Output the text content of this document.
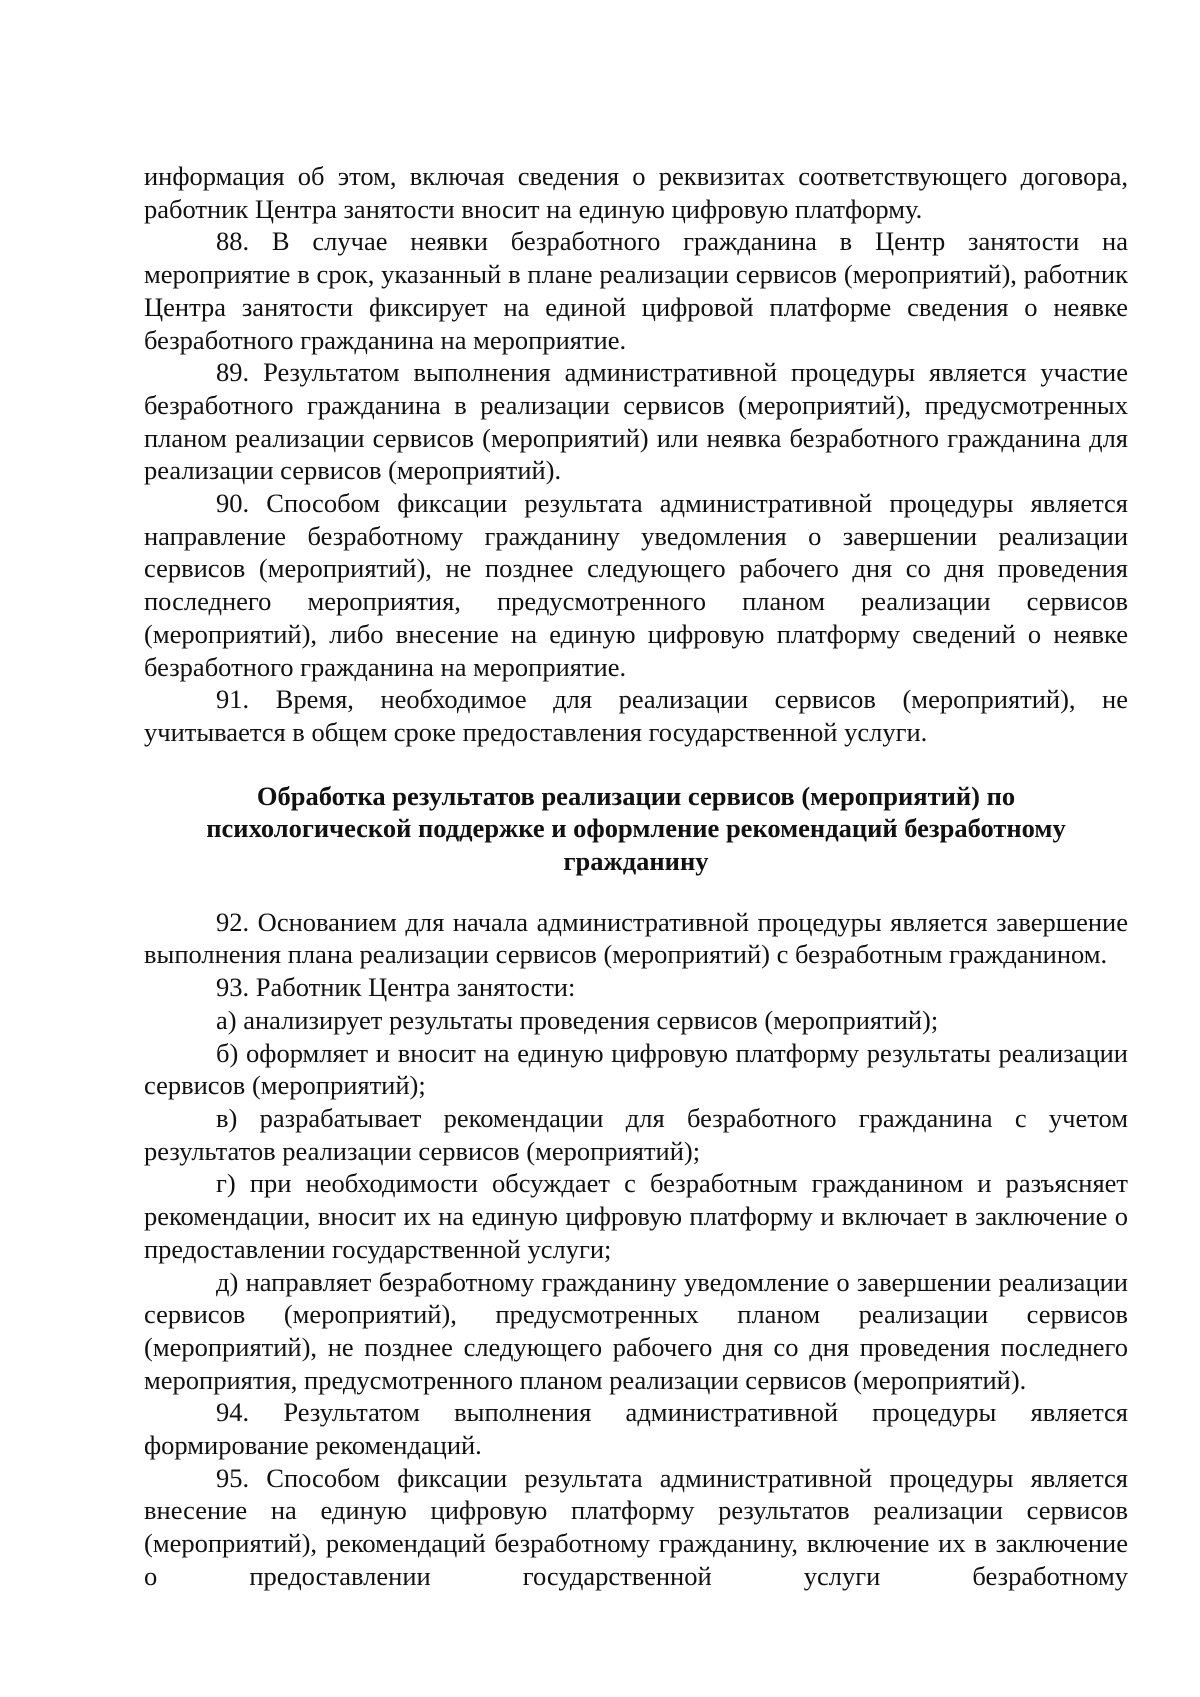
информация об этом, включая сведения о реквизитах соответствующего договора, работник Центра занятости вносит на единую цифровую платформу.

88. В случае неявки безработного гражданина в Центр занятости на мероприятие в срок, указанный в плане реализации сервисов (мероприятий), работник Центра занятости фиксирует на единой цифровой платформе сведения о неявке безработного гражданина на мероприятие.

89. Результатом выполнения административной процедуры является участие безработного гражданина в реализации сервисов (мероприятий), предусмотренных планом реализации сервисов (мероприятий) или неявка безработного гражданина для реализации сервисов (мероприятий).

90. Способом фиксации результата административной процедуры является направление безработному гражданину уведомления о завершении реализации сервисов (мероприятий), не позднее следующего рабочего дня со дня проведения последнего мероприятия, предусмотренного планом реализации сервисов (мероприятий), либо внесение на единую цифровую платформу сведений о неявке безработного гражданина на мероприятие.

91. Время, необходимое для реализации сервисов (мероприятий), не учитывается в общем сроке предоставления государственной услуги.

Обработка результатов реализации сервисов (мероприятий) по
психологической поддержке и оформление рекомендаций безработному
гражданину

92. Основанием для начала административной процедуры является завершение выполнения плана реализации сервисов (мероприятий) с безработным гражданином.

93. Работник Центра занятости:

а) анализирует результаты проведения сервисов (мероприятий);

б) оформляет и вносит на единую цифровую платформу результаты реализации сервисов (мероприятий);

в) разрабатывает рекомендации для безработного гражданина с учетом результатов реализации сервисов (мероприятий);

г) при необходимости обсуждает с безработным гражданином и разъясняет рекомендации, вносит их на единую цифровую платформу и включает в заключение о предоставлении государственной услуги;

д) направляет безработному гражданину уведомление о завершении реализации сервисов (мероприятий), предусмотренных планом реализации сервисов (мероприятий), не позднее следующего рабочего дня со дня проведения последнего мероприятия, предусмотренного планом реализации сервисов (мероприятий).

94. Результатом выполнения административной процедуры является формирование рекомендаций.

95. Способом фиксации результата административной процедуры является внесение на единую цифровую платформу результатов реализации сервисов (мероприятий), рекомендаций безработному гражданину, включение их в заключение о предоставлении государственной услуги безработному
